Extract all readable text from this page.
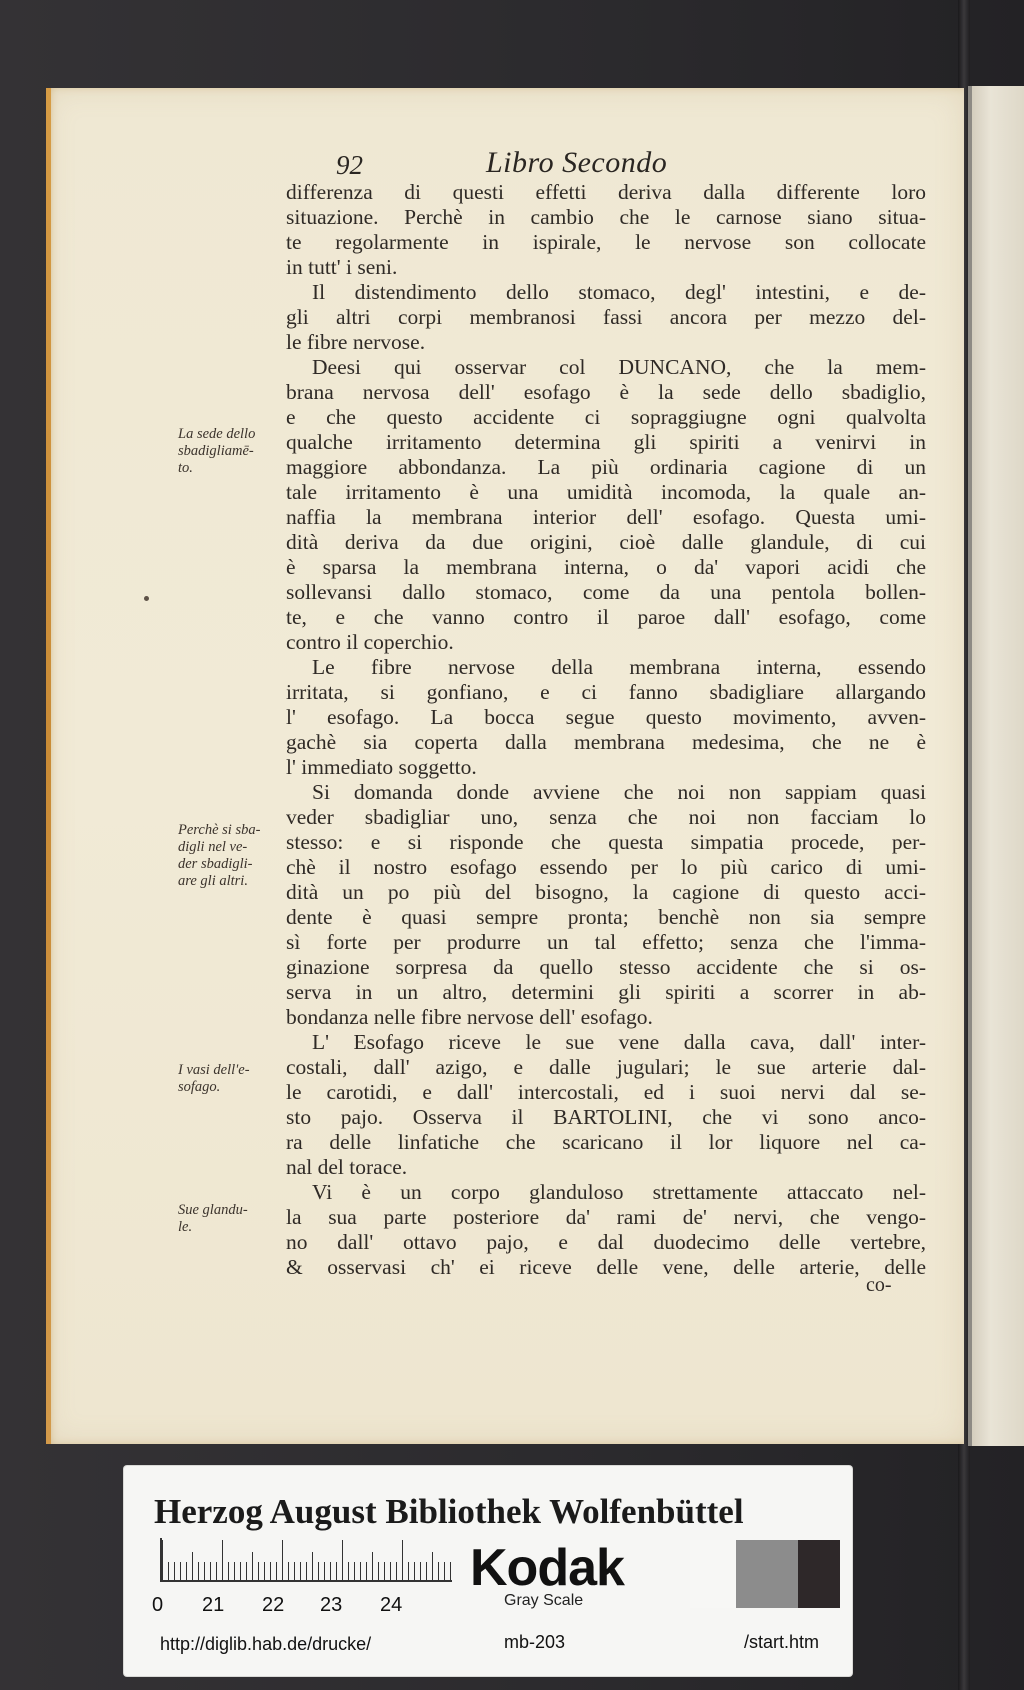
92	Libro Secondo
differenza di questi effetti deriva dalla differente loro
situazione. Perchè in cambio che le carnose siano situa-
te regolarmente in ispirale, le nervose son collocate
in tutt' i seni.
Il distendimento dello stomaco, degl' intestini, e de-
gli altri corpi membranosi fassi ancora per mezzo del-
le fibre nervose.
Deesi qui osservar col DUNCANO, che la mem-
brana nervosa dell' esofago è la sede dello sbadiglio,
e che questo accidente ci sopraggiugne ogni qualvolta
qualche irritamento determina gli spiriti a venirvi in
maggiore abbondanza. La più ordinaria cagione di un
tale irritamento è una umidità incomoda, la quale an-
naffia la membrana interior dell' esofago. Questa umi-
dità deriva da due origini, cioè dalle glandule, di cui
è sparsa la membrana interna, o da' vapori acidi che
sollevansi dallo stomaco, come da una pentola bollen-
te, e che vanno contro il paroe dall' esofago, come
contro il coperchio.
Le fibre nervose della membrana interna, essendo
irritata, si gonfiano, e ci fanno sbadigliare allargando
l' esofago. La bocca segue questo movimento, avven-
gachè sia coperta dalla membrana medesima, che ne è
l' immediato soggetto.
Si domanda donde avviene che noi non sappiam quasi
veder sbadigliar uno, senza che noi non facciam lo
stesso: e si risponde che questa simpatia procede, per-
chè il nostro esofago essendo per lo più carico di umi-
dità un po più del bisogno, la cagione di questo acci-
dente è quasi sempre pronta; benchè non sia sempre
sì forte per produrre un tal effetto; senza che l'imma-
ginazione sorpresa da quello stesso accidente che si os-
serva in un altro, determini gli spiriti a scorrer in ab-
bondanza nelle fibre nervose dell' esofago.
L' Esofago riceve le sue vene dalla cava, dall' inter-
costali, dall' azigo, e dalle jugulari; le sue arterie dal-
le carotidi, e dall' intercostali, ed i suoi nervi dal se-
sto pajo. Osserva il BARTOLINI, che vi sono anco-
ra delle linfatiche che scaricano il lor liquore nel ca-
nal del torace.
Vi è un corpo glanduloso strettamente attaccato nel-
la sua parte posteriore da' rami de' nervi, che vengo-
no dall' ottavo pajo, e dal duodecimo delle vertebre,
& osservasi ch' ei riceve delle vene, delle arterie, delle
La sede dello
sbadigliamē-
to.
Perchè si sba-
digli nel ve-
der sbadigli-
are gli altri.
I vasi dell'e-
sofago.
Sue glandu-
le.
co-
Herzog August Bibliothek Wolfenbüttel
0 21 22 23 24
Kodak
Gray Scale
http://diglib.hab.de/drucke/	mb-203	/start.htm
